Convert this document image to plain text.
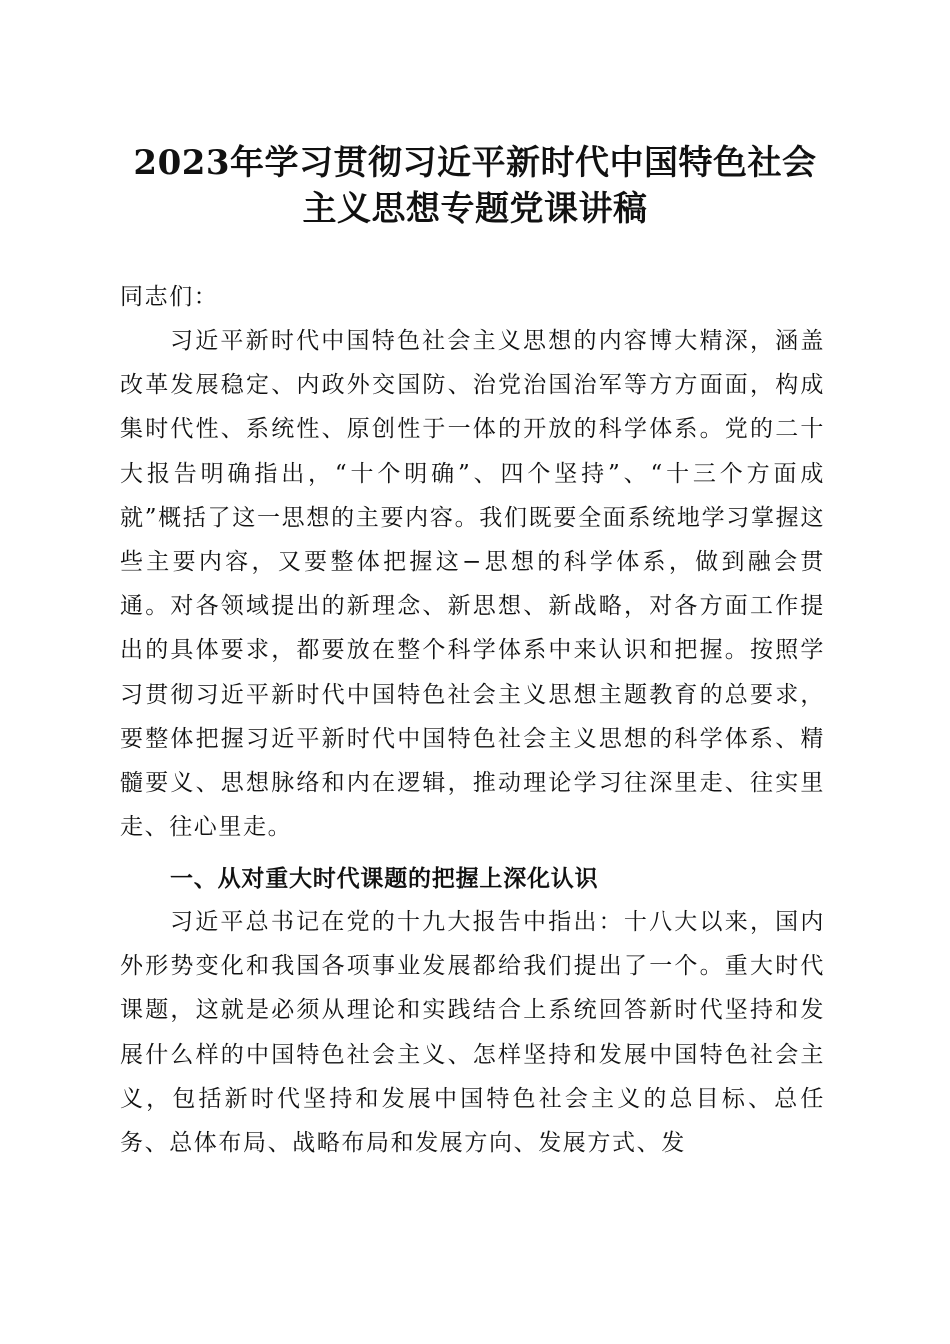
2023年学习贯彻习近平新时代中国特色社会
主义思想专题党课讲稿
同志们：
习近平新时代中国特色社会主义思想的内容博大精深，涵盖改革发展稳定、内政外交国防、治党治国治军等方方面面，构成集时代性、系统性、原创性于一体的开放的科学体系。党的二十大报告明确指出，“十个明确”、四个坚持”、“十三个方面成就”概括了这一思想的主要内容。我们既要全面系统地学习掌握这些主要内容，又要整体把握这−思想的科学体系，做到融会贯通。对各领域提出的新理念、新思想、新战略，对各方面工作提出的具体要求，都要放在整个科学体系中来认识和把握。按照学习贯彻习近平新时代中国特色社会主义思想主题教育的总要求，要整体把握习近平新时代中国特色社会主义思想的科学体系、精髓要义、思想脉络和内在逻辑，推动理论学习往深里走、往实里走、往心里走。
一、从对重大时代课题的把握上深化认识
习近平总书记在党的十九大报告中指出：十八大以来，国内外形势变化和我国各项事业发展都给我们提出了一个。重大时代课题，这就是必须从理论和实践结合上系统回答新时代坚持和发展什么样的中国特色社会主义、怎样坚持和发展中国特色社会主义，包括新时代坚持和发展中国特色社会主义的总目标、总任务、总体布局、战略布局和发展方向、发展方式、发
